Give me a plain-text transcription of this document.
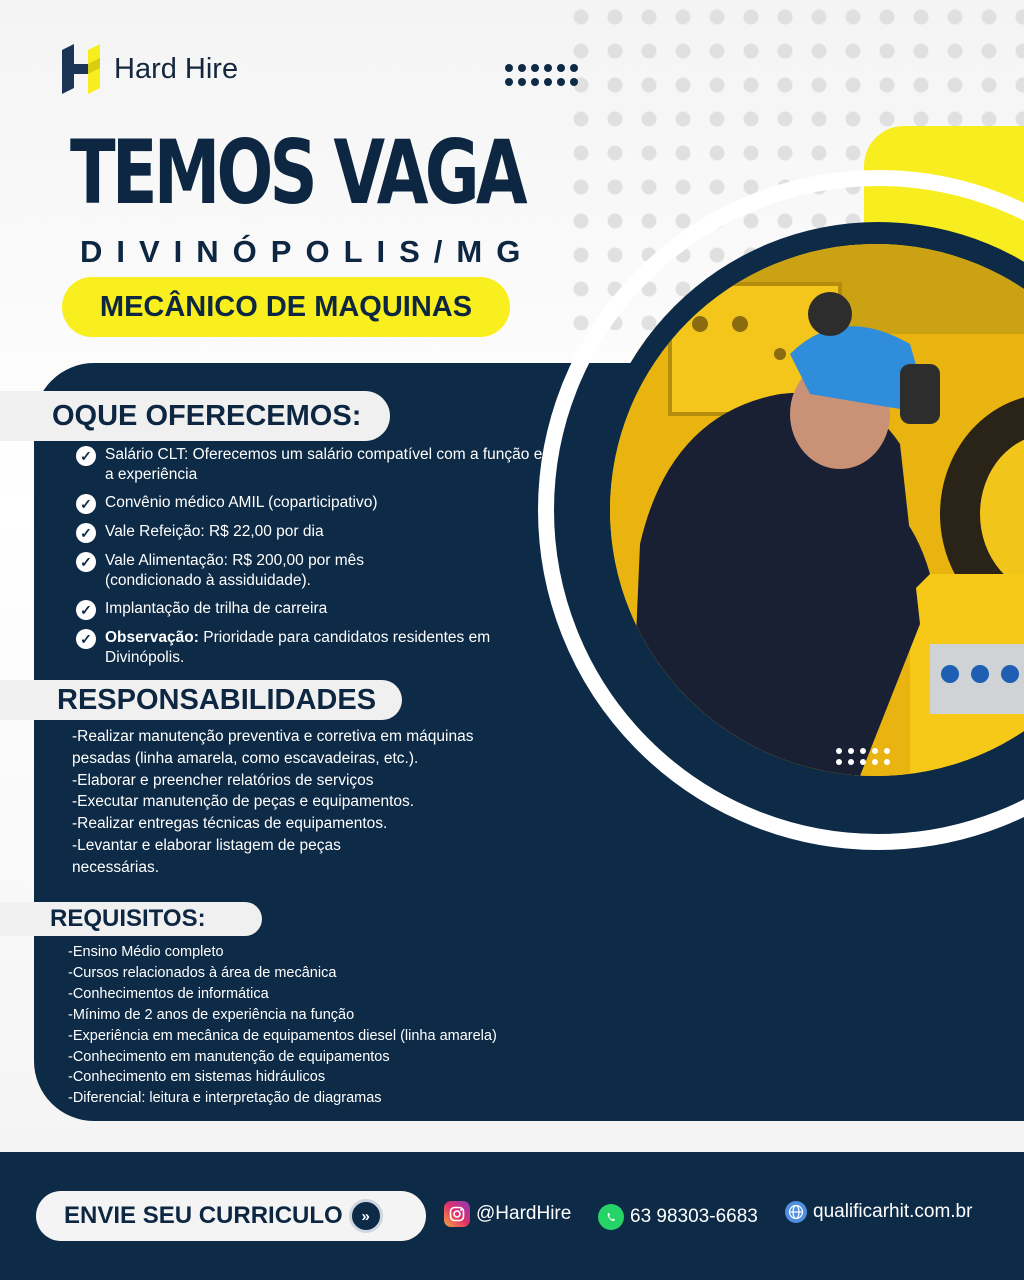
Hard Hire
TEMOS VAGA
DIVINÓPOLIS/MG
MECÂNICO DE MAQUINAS
OQUE OFERECEMOS:
✓ Salário CLT: Oferecemos um salário compatível com a função e a experiência
✓ Convênio médico AMIL (coparticipativo)
✓ Vale Refeição: R$ 22,00 por dia
✓ Vale Alimentação: R$ 200,00 por mês (condicionado à assiduidade).
✓ Implantação de trilha de carreira
✓ Observação: Prioridade para candidatos residentes em Divinópolis.
RESPONSABILIDADES
-Realizar manutenção preventiva e corretiva em máquinas pesadas (linha amarela, como escavadeiras, etc.).
-Elaborar e preencher relatórios de serviços
-Executar manutenção de peças e equipamentos.
-Realizar entregas técnicas de equipamentos.
-Levantar e elaborar listagem de peças necessárias.
REQUISITOS:
-Ensino Médio completo
-Cursos relacionados à área de mecânica
-Conhecimentos de informática
-Mínimo de 2 anos de experiência na função
-Experiência em mecânica de equipamentos diesel (linha amarela)
-Conhecimento em manutenção de equipamentos
-Conhecimento em sistemas hidráulicos
-Diferencial: leitura e interpretação de diagramas
ENVIE SEU CURRICULO	»	@HardHire	63 98303-6683	qualificarhit.com.br
